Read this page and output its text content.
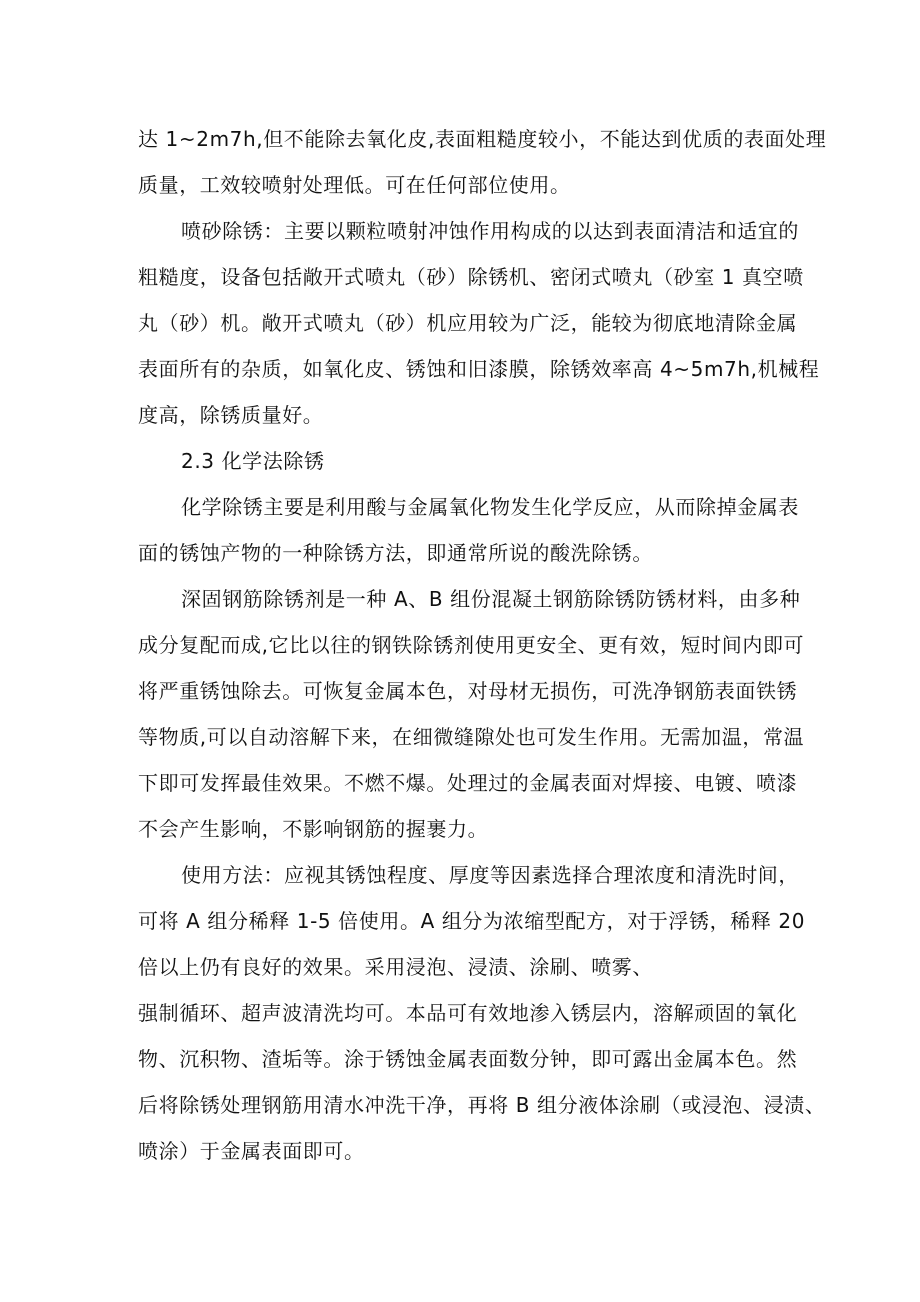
达 1~2m7h,但不能除去氧化皮,表面粗糙度较小，不能达到优质的表面处理
质量，工效较喷射处理低。可在任何部位使用。
喷砂除锈：主要以颗粒喷射冲蚀作用构成的以达到表面清洁和适宜的
粗糙度，设备包括敞开式喷丸（砂）除锈机、密闭式喷丸（砂室 1 真空喷
丸（砂）机。敞开式喷丸（砂）机应用较为广泛，能较为彻底地清除金属
表面所有的杂质，如氧化皮、锈蚀和旧漆膜，除锈效率高 4~5m7h,机械程
度高，除锈质量好。
2.3 化学法除锈
化学除锈主要是利用酸与金属氧化物发生化学反应，从而除掉金属表
面的锈蚀产物的一种除锈方法，即通常所说的酸洗除锈。
深固钢筋除锈剂是一种 A、B 组份混凝土钢筋除锈防锈材料，由多种
成分复配而成,它比以往的钢铁除锈剂使用更安全、更有效，短时间内即可
将严重锈蚀除去。可恢复金属本色，对母材无损伤，可洗净钢筋表面铁锈
等物质,可以自动溶解下来，在细微缝隙处也可发生作用。无需加温，常温
下即可发挥最佳效果。不燃不爆。处理过的金属表面对焊接、电镀、喷漆
不会产生影响，不影响钢筋的握裹力。
使用方法：应视其锈蚀程度、厚度等因素选择合理浓度和清洗时间，
可将 A 组分稀释 1-5 倍使用。A 组分为浓缩型配方，对于浮锈，稀释 20
倍以上仍有良好的效果。采用浸泡、浸渍、涂刷、喷雾、
强制循环、超声波清洗均可。本品可有效地渗入锈层内，溶解顽固的氧化
物、沉积物、渣垢等。涂于锈蚀金属表面数分钟，即可露出金属本色。然
后将除锈处理钢筋用清水冲洗干净，再将 B 组分液体涂刷（或浸泡、浸渍、
喷涂）于金属表面即可。
